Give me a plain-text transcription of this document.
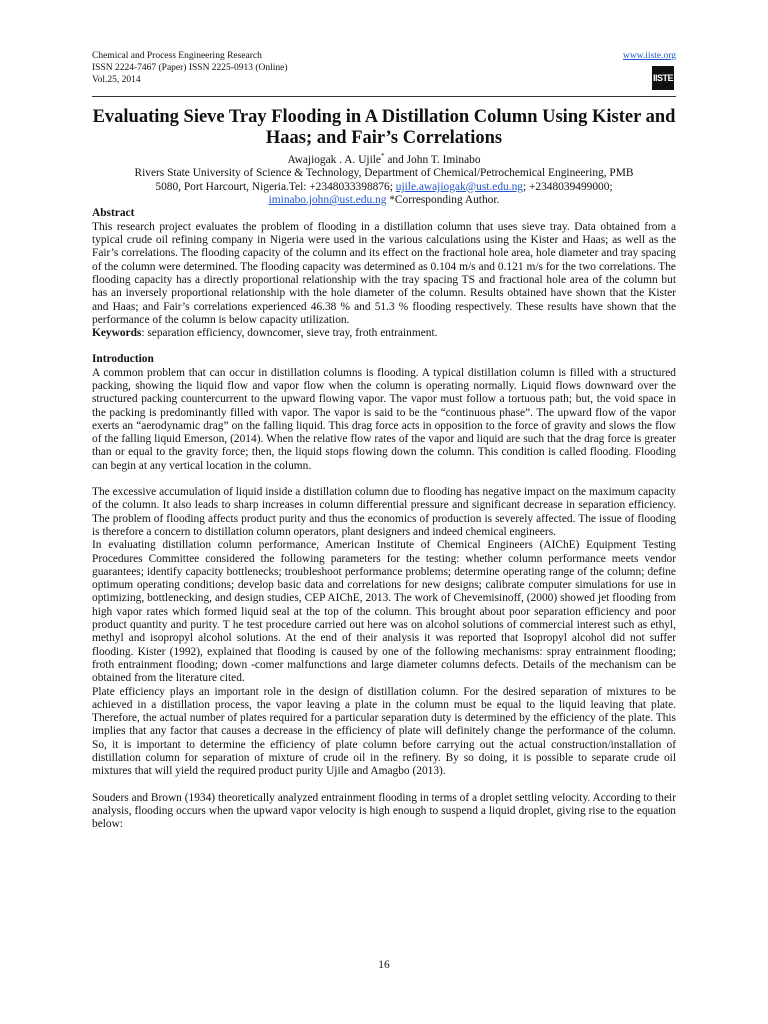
Chemical and Process Engineering Research
ISSN 2224-7467 (Paper) ISSN 2225-0913 (Online)
Vol.25, 2014
www.iiste.org
IISTE
Evaluating Sieve Tray Flooding in A Distillation Column Using Kister and Haas; and Fair’s Correlations
Awajiogak . A. Ujile* and John T. Iminabo
Rivers State University of Science & Technology, Department of Chemical/Petrochemical Engineering, PMB
5080, Port Harcourt, Nigeria.Tel: +2348033398876; ujile.awajiogak@ust.edu.ng; +2348039499000;
iminabo.john@ust.edu.ng *Corresponding Author.

Abstract

This research project evaluates the problem of flooding in a distillation column that uses sieve tray. Data obtained from a typical crude oil refining company in Nigeria were used in the various calculations using the Kister and Haas; as well as the Fair’s correlations. The flooding capacity of the column and its effect on the fractional hole area, hole diameter and tray spacing of the column were determined. The flooding capacity was determined as 0.104 m/s and 0.121 m/s for the two correlations. The flooding capacity has a directly proportional relationship with the tray spacing TS and fractional hole area of the column but has an inversely proportional relationship with the hole diameter of the column. Results obtained have shown that the Kister and Haas; and Fair’s correlations experienced 46.38 % and 51.3 % flooding respectively. These results have shown that the performance of the column is below capacity utilization.

Keywords: separation efficiency, downcomer, sieve tray, froth entrainment.

Introduction

A common problem that can occur in distillation columns is flooding. A typical distillation column is filled with a structured packing, showing the liquid flow and vapor flow when the column is operating normally. Liquid flows downward over the structured packing countercurrent to the upward flowing vapor. The vapor must follow a tortuous path; but, the void space in the packing is predominantly filled with vapor. The vapor is said to be the “continuous phase”. The upward flow of the vapor exerts an “aerodynamic drag” on the falling liquid. This drag force acts in opposition to the force of gravity and slows the flow of the falling liquid Emerson, (2014). When the relative flow rates of the vapor and liquid are such that the drag force is greater than or equal to the gravity force; then, the liquid stops flowing down the column. This condition is called flooding. Flooding can begin at any vertical location in the column.

The excessive accumulation of liquid inside a distillation column due to flooding has negative impact on the maximum capacity of the column. It also leads to sharp increases in column differential pressure and significant decrease in separation efficiency. The problem of flooding affects product purity and thus the economics of production is severely affected. The issue of flooding is therefore a concern to distillation column operators, plant designers and indeed chemical engineers.

In evaluating distillation column performance, American Institute of Chemical Engineers (AIChE) Equipment Testing Procedures Committee considered the following parameters for the testing: whether column performance meets vendor guarantees; identify capacity bottlenecks; troubleshoot performance problems; determine operating range of the column; define optimum operating conditions; develop basic data and correlations for new designs; calibrate computer simulations for use in optimizing, bottlenecking, and design studies, CEP AIChE, 2013. The work of Chevemisinoff, (2000) showed jet flooding from high vapor rates which formed liquid seal at the top of the column. This brought about poor separation efficiency and poor product quantity and purity. T he test procedure carried out here was on alcohol solutions of commercial interest such as ethyl, methyl and isopropyl alcohol solutions. At the end of their analysis it was reported that Isopropyl alcohol did not suffer flooding. Kister (1992), explained that flooding is caused by one of the following mechanisms: spray entrainment flooding; froth entrainment flooding; down -comer malfunctions and large diameter columns defects. Details of the mechanism can be obtained from the literature cited.

Plate efficiency plays an important role in the design of distillation column. For the desired separation of mixtures to be achieved in a distillation process, the vapor leaving a plate in the column must be equal to the liquid leaving that plate. Therefore, the actual number of plates required for a particular separation duty is determined by the efficiency of the plate. This implies that any factor that causes a decrease in the efficiency of plate will definitely change the performance of the column. So, it is important to determine the efficiency of plate column before carrying out the actual construction/installation of distillation column for separation of mixture of crude oil in the refinery. By so doing, it is possible to separate crude oil mixtures that will yield the required product purity Ujile and Amagbo (2013).

Souders and Brown (1934) theoretically analyzed entrainment flooding in terms of a droplet settling velocity. According to their analysis, flooding occurs when the upward vapor velocity is high enough to suspend a liquid droplet, giving rise to the equation below:

16
